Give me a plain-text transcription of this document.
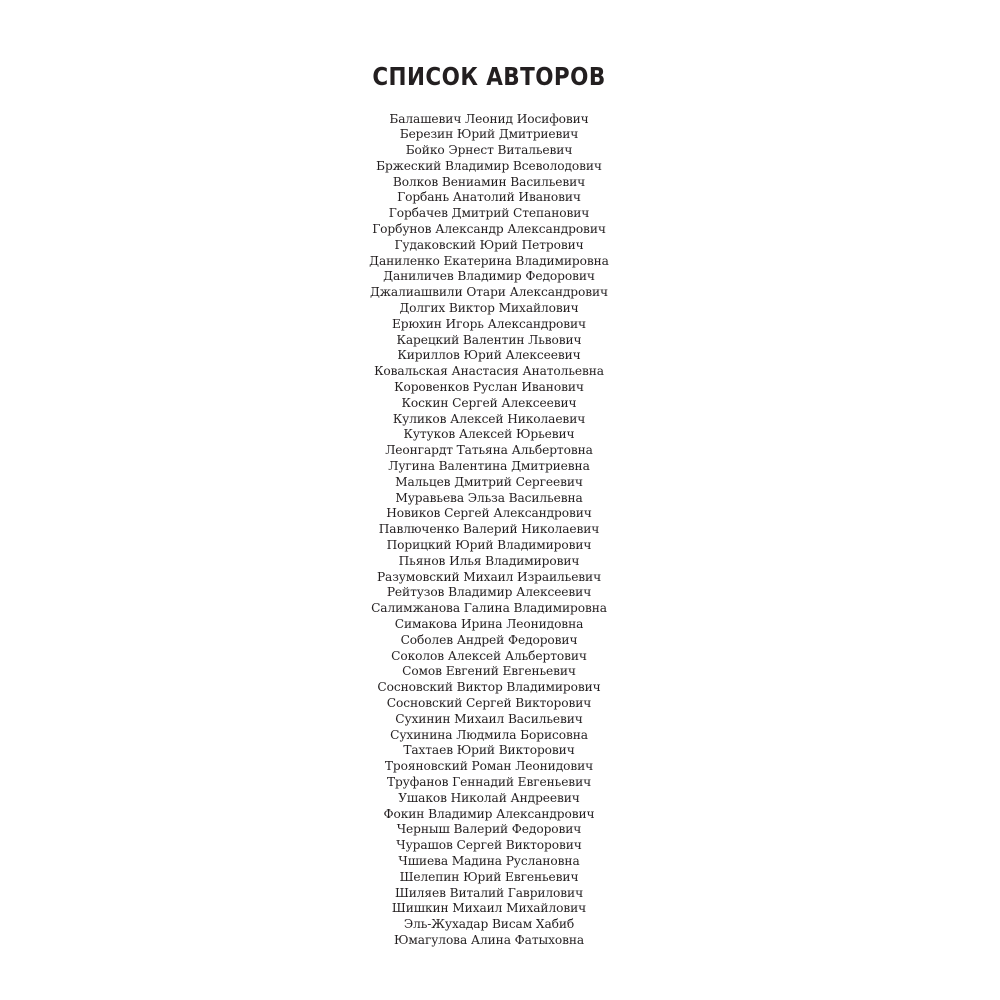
СПИСОК АВТОРОВ
Балашевич Леонид Иосифович
Березин Юрий Дмитриевич
Бойко Эрнест Витальевич
Бржеский Владимир Всеволодович
Волков Вениамин Васильевич
Горбань Анатолий Иванович
Горбачев Дмитрий Степанович
Горбунов Александр Александрович
Гудаковский Юрий Петрович
Даниленко Екатерина Владимировна
Даниличев Владимир Федорович
Джалиашвили Отари Александрович
Долгих Виктор Михайлович
Ерюхин Игорь Александрович
Карецкий Валентин Львович
Кириллов Юрий Алексеевич
Ковальская Анастасия Анатольевна
Коровенков Руслан Иванович
Коскин Сергей Алексеевич
Куликов Алексей Николаевич
Кутуков Алексей Юрьевич
Леонгардт Татьяна Альбертовна
Лугина Валентина Дмитриевна
Мальцев Дмитрий Сергеевич
Муравьева Эльза Васильевна
Новиков Сергей Александрович
Павлюченко Валерий Николаевич
Порицкий Юрий Владимирович
Пьянов Илья Владимирович
Разумовский Михаил Израильевич
Рейтузов Владимир Алексеевич
Салимжанова Галина Владимировна
Симакова Ирина Леонидовна
Соболев Андрей Федорович
Соколов Алексей Альбертович
Сомов Евгений Евгеньевич
Сосновский Виктор Владимирович
Сосновский Сергей Викторович
Сухинин Михаил Васильевич
Сухинина Людмила Борисовна
Тахтаев Юрий Викторович
Трояновский Роман Леонидович
Труфанов Геннадий Евгеньевич
Ушаков Николай Андреевич
Фокин Владимир Александрович
Черныш Валерий Федорович
Чурашов Сергей Викторович
Чшиева Мадина Руслановна
Шелепин Юрий Евгеньевич
Шиляев Виталий Гаврилович
Шишкин Михаил Михайлович
Эль-Жухадар Висам Хабиб
Юмагулова Алина Фатыховна
